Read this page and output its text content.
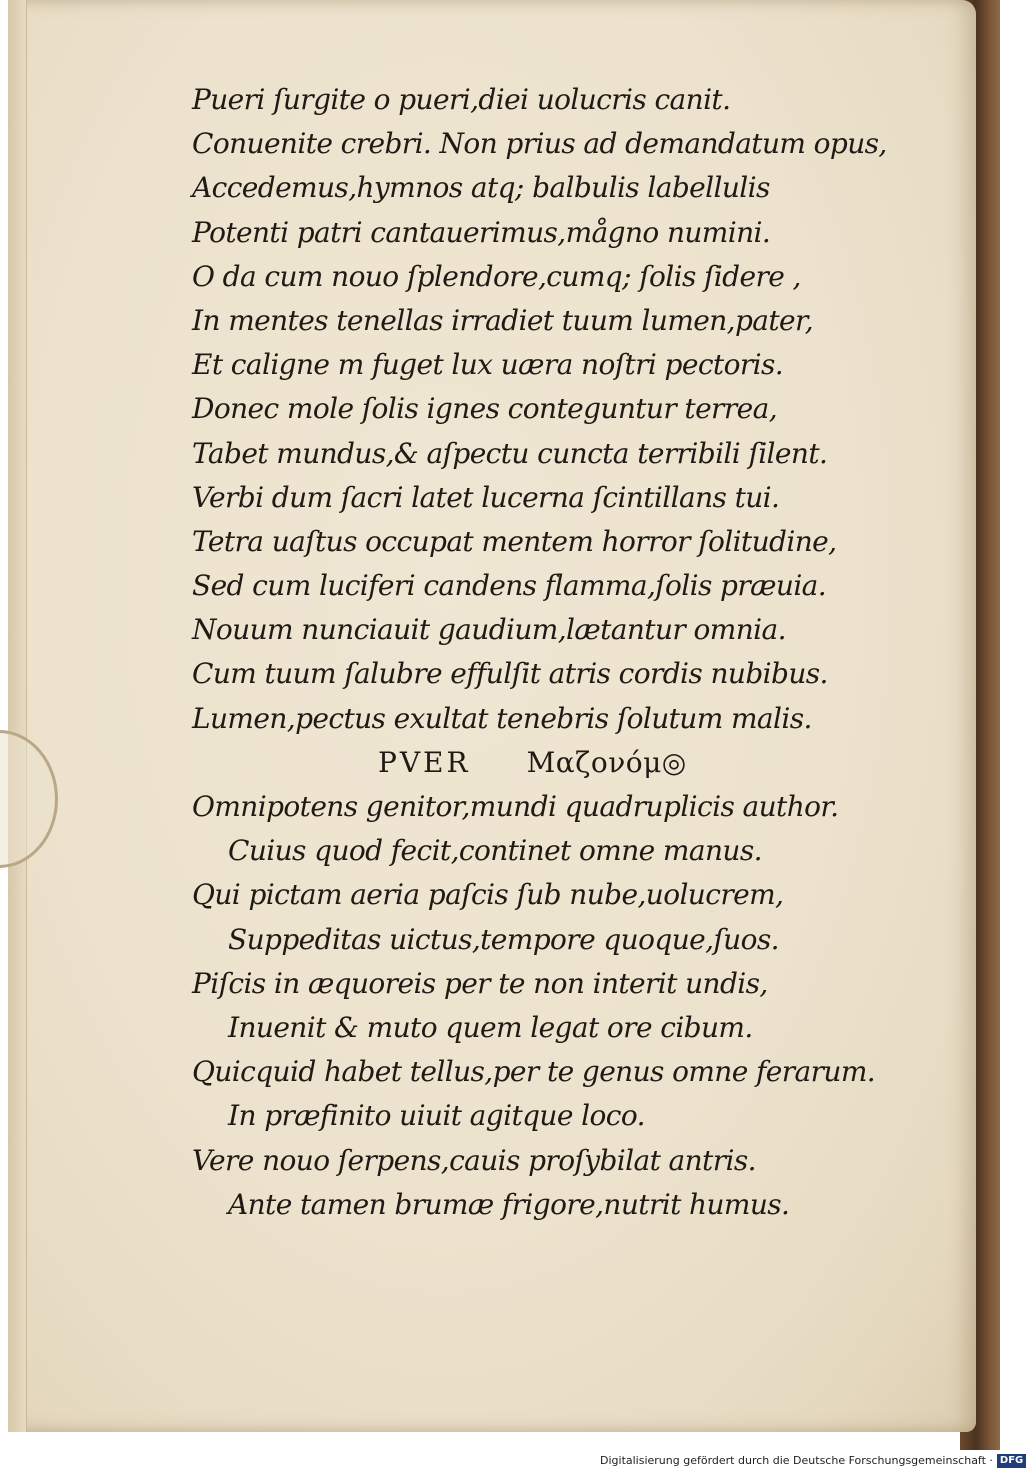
Pueri ſurgite o pueri,diei uolucris canit.
Conuenite crebri. Non prius ad demandatum opus,
Accedemus,hymnos atq; balbulis labellulis
Potenti patri cantauerimus,mågno numini.
O da cum nouo ſplendore,cumq; ſolis ſidere ,
In mentes tenellas irradiet tuum lumen,pater,
Et caligne m fuget lux uæra noſtri pectoris.
Donec mole ſolis ignes conteguntur terrea,
Tabet mundus,& aſpectu cuncta terribili ſilent.
Verbi dum ſacri latet lucerna ſcintillans tui.
Tetra uaſtus occupat mentem horror ſolitudine,
Sed cum luciferi candens flamma,ſolis præuia.
Nouum nunciauit gaudium,lætantur omnia.
Cum tuum ſalubre effulſit atris cordis nubibus.
Lumen,pectus exultat tenebris ſolutum malis.
PVER Μαζονόμ◎
Omnipotens genitor,mundi quadruplicis author.
Cuius quod fecit,continet omne manus.
Qui pictam aeria paſcis ſub nube,uolucrem,
Suppeditas uictus,tempore quoque,ſuos.
Piſcis in æquoreis per te non interit undis,
Inuenit & muto quem legat ore cibum.
Quicquid habet tellus,per te genus omne ferarum.
In præfinito uiuit agitque loco.
Vere nouo ſerpens,cauis proſybilat antris.
Ante tamen brumæ frigore,nutrit humus.
Digitalisierung gefördert durch die Deutsche Forschungsgemeinschaft · DFG
